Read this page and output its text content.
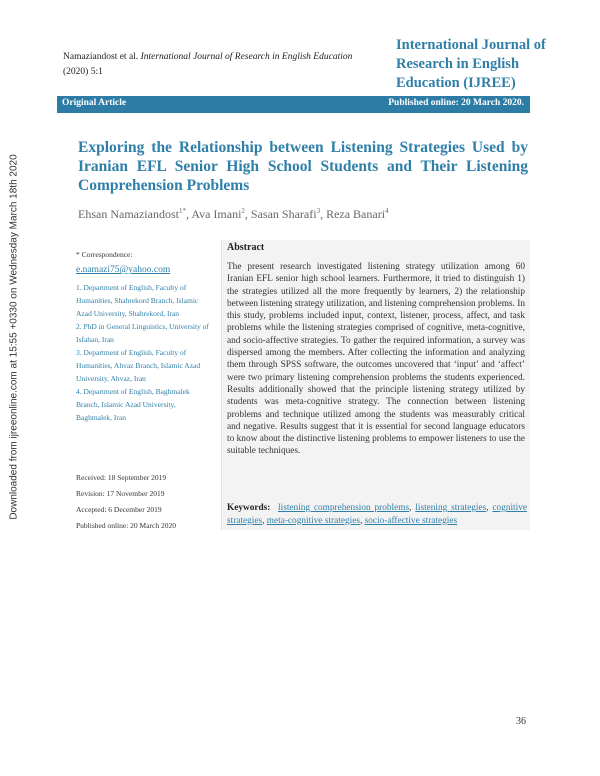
Namaziandost et al. International Journal of Research in English Education
(2020) 5:1
International Journal of
Research in English
Education (IJREE)
Original Article	Published online: 20 March 2020.
Downloaded from ijreeonline.com at 15:55 +0330 on Wednesday March 18th 2020
Exploring the Relationship between Listening Strategies Used by Iranian EFL Senior High School Students and Their Listening Comprehension Problems
Ehsan Namaziandost$^{1*}$, Ava Imani$^2$, Sasan Sharafi$^3$, Reza Banari$^4$
* Correspondence:
e.namazi75@yahoo.com
1. Department of English, Faculty of Humanities, Shahrekord Branch, Islamic Azad University, Shahrekord, Iran
2. PhD in General Linguistics, University of Isfahan, Iran
3. Department of English, Faculty of Humanities, Ahvaz Branch, Islamic Azad University, Ahvaz, Iran
4. Department of English, Baghmalek Branch, Islamic Azad University, Baghmalek, Iran
Received: 18 September 2019
Revision: 17 November 2019
Accepted: 6 December 2019
Published online: 20 March 2020
Abstract
The present research investigated listening strategy utilization among 60 Iranian EFL senior high school learners. Furthermore, it tried to distinguish 1) the strategies utilized all the more frequently by learners, 2) the relationship between listening strategy utilization, and listening comprehension problems. In this study, problems included input, context, listener, process, affect, and task problems while the listening strategies comprised of cognitive, meta-cognitive, and socio-affective strategies. To gather the required information, a survey was dispersed among the members. After collecting the information and analyzing them through SPSS software, the outcomes uncovered that ‘input’ and ‘affect’ were two primary listening comprehension problems the students experienced. Results additionally showed that the principle listening strategy utilized by students was meta-cognitive strategy. The connection between listening problems and technique utilized among the students was measurably critical and negative. Results suggest that it is essential for second language educators to know about the distinctive listening problems to empower listeners to use the suitable techniques.
Keywords: listening comprehension problems, listening strategies, cognitive strategies, meta-cognitive strategies, socio-affective strategies
36
